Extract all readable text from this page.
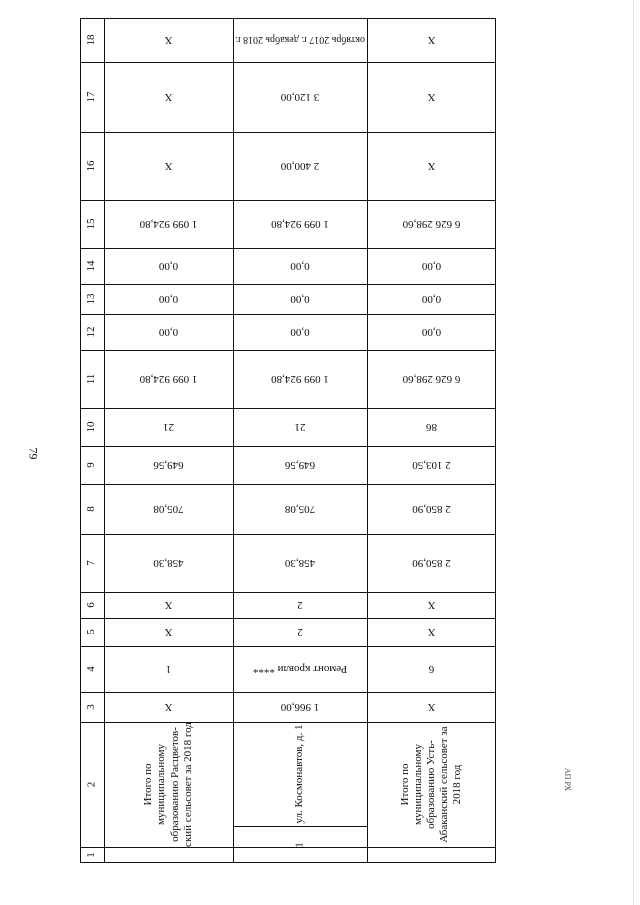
79
АП РХ
18
17
16
15
14
13
12
11
10
9
8
7
6
5
4
3
2
1
X
X
X
1 099 924,80
0,00
0,00
0,00
1 099 924,80
21
649,56
705,08
458,30
X
X
1
X
Итого по муниципальному образованию Расцветов-ский сельсовет за 2018 год
октябрь 2017 г. декабрь 2018 г.
3 120,00
2 400,00
1 099 924,80
0,00
0,00
0,00
1 099 924,80
21
649,56
705,08
458,30
2
2
Ремонт кровли ****
1 966,00
ул. Космонавтов, д. 1
1
X
X
X
6 626 298,60
0,00
0,00
0,00
6 626 298,60
86
2 103,50
2 850,90
2 850,90
X
X
6
X
Итого по муниципальному образованию Усть-Абаканский сельсовет за 2018 год
